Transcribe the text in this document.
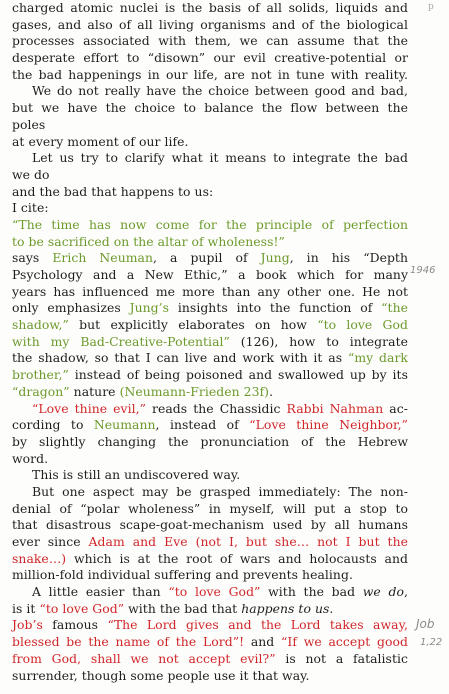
charged atomic nuclei is the basis of all solids, liquids and
gases, and also of all living organisms and of the biological
processes associated with them, we can assume that the
desperate effort to “disown” our evil creative-potential or
the bad happenings in our life, are not in tune with reality.
We do not really have the choice between good and bad,
but we have the choice to balance the flow between the
poles
at every moment of our life.
Let us try to clarify what it means to integrate the bad
we do
and the bad that happens to us:
I cite:
“The time has now come for the principle of perfection
to be sacrificed on the altar of wholeness!”
says Erich Neuman, a pupil of Jung, in his “Depth
Psychology and a New Ethic,” a book which for many
years has influenced me more than any other one. He not
only emphasizes Jung’s insights into the function of “the
shadow,” but explicitly elaborates on how “to love God
with my Bad-Creative-Potential” (126), how to integrate
the shadow, so that I can live and work with it as “my dark
brother,” instead of being poisoned and swallowed up by its
“dragon” nature (Neumann-Frieden 23f).
“Love thine evil,” reads the Chassidic Rabbi Nahman ac-
cording to Neumann, instead of “Love thine Neighbor,”
by slightly changing the pronunciation of the Hebrew
word.
This is still an undiscovered way.
But one aspect may be grasped immediately: The non-
denial of “polar wholeness” in myself, will put a stop to
that disastrous scape-goat-mechanism used by all humans
ever since Adam and Eve (not I, but she… not I but the
snake…) which is at the root of wars and holocausts and
million-fold individual suffering and prevents healing.
A little easier than “to love God” with the bad we do,
is it “to love God” with the bad that happens to us.
Job’s famous “The Lord gives and the Lord takes away,
blessed be the name of the Lord”! and “If we accept good
from God, shall we not accept evil?” is not a fatalistic
surrender, though some people use it that way.
p
1946
Job
1,22
